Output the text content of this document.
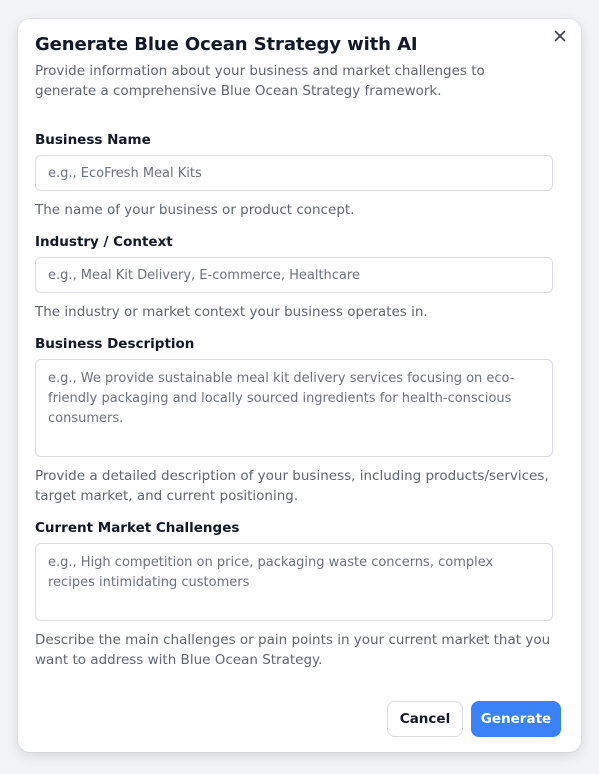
Generate Blue Ocean Strategy with AI
Provide information about your business and market challenges to generate a comprehensive Blue Ocean Strategy framework.
Business Name
e.g., EcoFresh Meal Kits
The name of your business or product concept.
Industry / Context
e.g., Meal Kit Delivery, E-commerce, Healthcare
The industry or market context your business operates in.
Business Description
e.g., We provide sustainable meal kit delivery services focusing on eco-friendly packaging and locally sourced ingredients for health-conscious consumers.
Provide a detailed description of your business, including products/services, target market, and current positioning.
Current Market Challenges
e.g., High competition on price, packaging waste concerns, complex recipes intimidating customers
Describe the main challenges or pain points in your current market that you want to address with Blue Ocean Strategy.
Cancel	Generate
